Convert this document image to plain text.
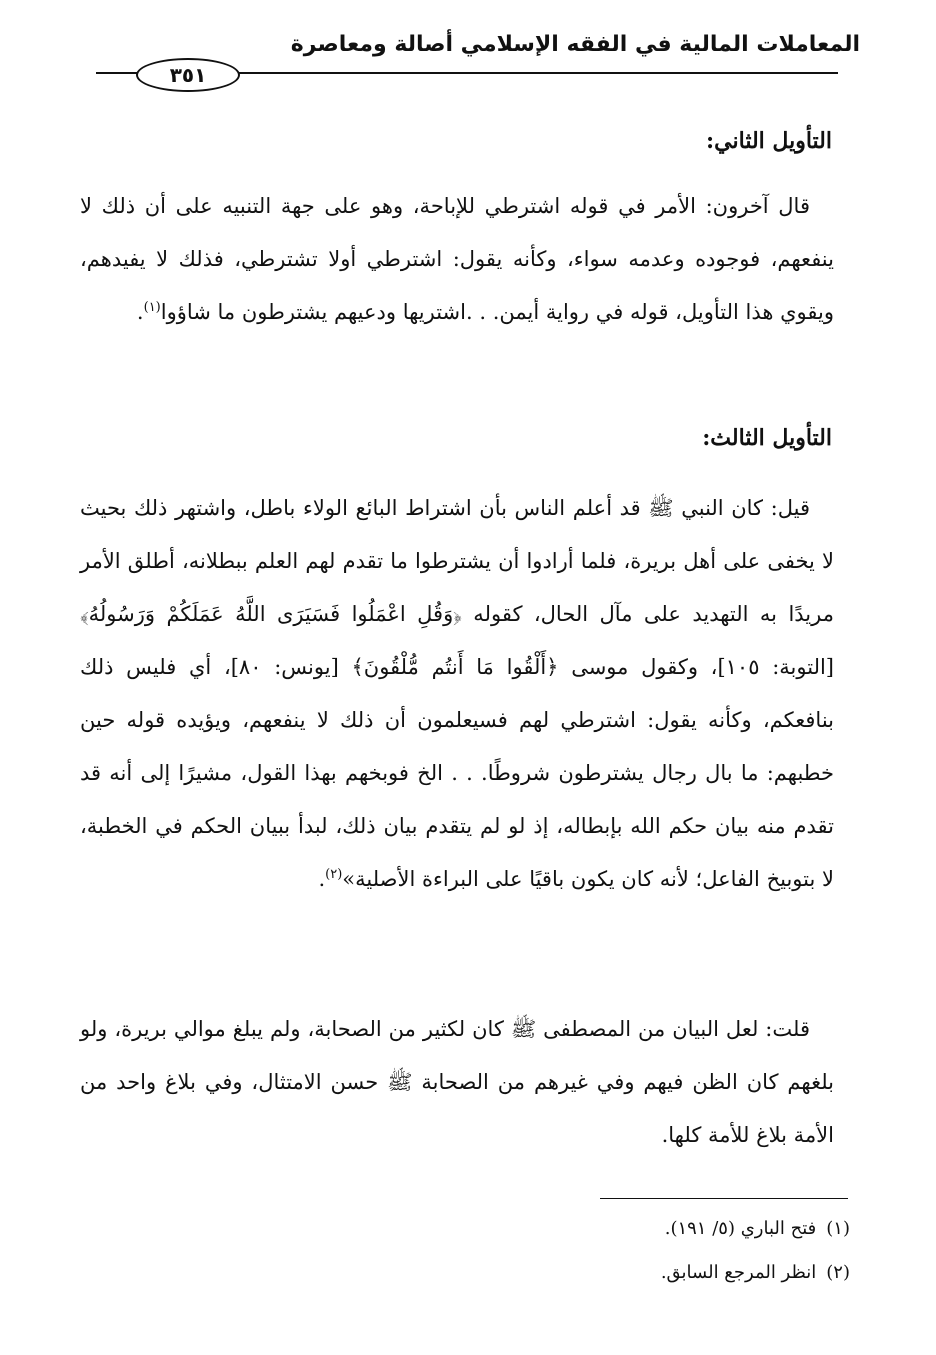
المعاملات المالية في الفقه الإسلامي أصالة ومعاصرة
٣٥١
التأويل الثاني:
قال آخرون: الأمر في قوله اشترطي للإباحة، وهو على جهة التنبيه على أن ذلك لا ينفعهم، فوجوده وعدمه سواء، وكأنه يقول: اشترطي أولا تشترطي، فذلك لا يفيدهم، ويقوي هذا التأويل، قوله في رواية أيمن. . .اشتريها ودعيهم يشترطون ما شاؤوا$^{(١)}$.
التأويل الثالث:
قيل: كان النبي ﷺ قد أعلم الناس بأن اشتراط البائع الولاء باطل، واشتهر ذلك بحيث لا يخفى على أهل بريرة، فلما أرادوا أن يشترطوا ما تقدم لهم العلم ببطلانه، أطلق الأمر مريدًا به التهديد على مآل الحال، كقوله ﴿وَقُلِ اعْمَلُوا فَسَيَرَى اللَّهُ عَمَلَكُمْ وَرَسُولُهُ﴾ [التوبة: ١٠٥]، وكقول موسى ﴿أَلْقُوا مَا أَنتُم مُّلْقُونَ﴾ [يونس: ٨٠]، أي فليس ذلك بنافعكم، وكأنه يقول: اشترطي لهم فسيعلمون أن ذلك لا ينفعهم، ويؤيده قوله حين خطبهم: ما بال رجال يشترطون شروطًا. . . الخ فوبخهم بهذا القول، مشيرًا إلى أنه قد تقدم منه بيان حكم الله بإبطاله، إذ لو لم يتقدم بيان ذلك، لبدأ ببيان الحكم في الخطبة، لا بتوبيخ الفاعل؛ لأنه كان يكون باقيًا على البراءة الأصلية»$^{(٢)}$.
قلت: لعل البيان من المصطفى ﷺ كان لكثير من الصحابة، ولم يبلغ موالي بريرة، ولو بلغهم كان الظن فيهم وفي غيرهم من الصحابة ﷺ حسن الامتثال، وفي بلاغ واحد من الأمة بلاغ للأمة كلها.
(١)فتح الباري (٥/ ١٩١).
(٢)انظر المرجع السابق.
